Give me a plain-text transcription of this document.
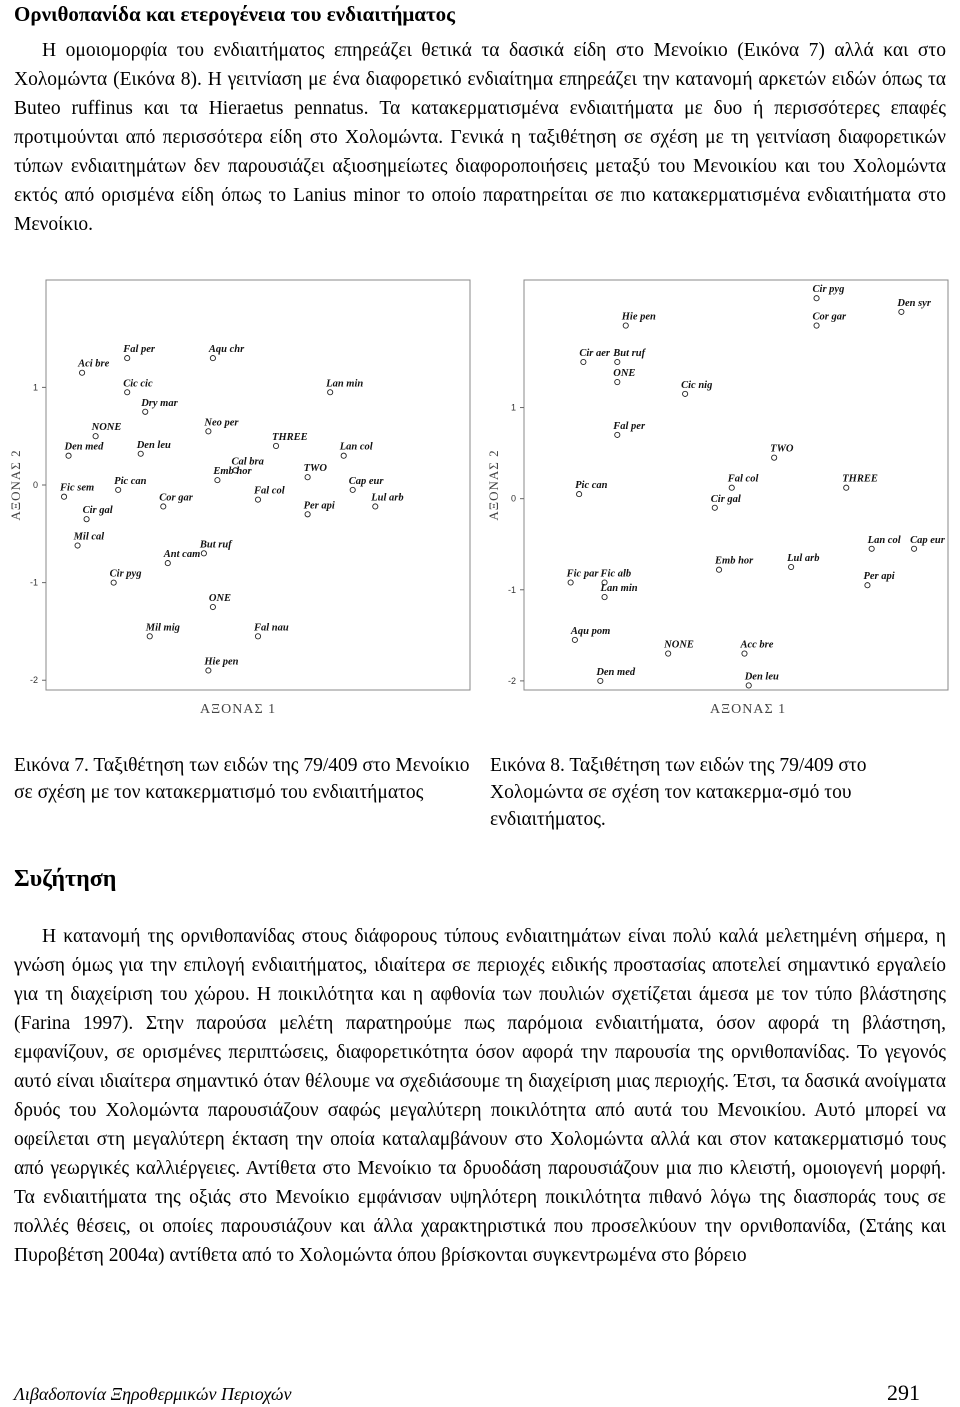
Ορνιθοπανίδα και ετερογένεια του ενδιαιτήματος
Η ομοιομορφία του ενδιαιτήματος επηρεάζει θετικά τα δασικά είδη στο Μενοίκιο (Εικόνα 7) αλλά και στο Χολομώντα (Εικόνα 8). Η γειτνίαση με ένα διαφορετικό ενδιαίτημα επηρεάζει την κατανομή αρκετών ειδών όπως τα Buteo ruffinus και τα Hieraetus pennatus. Τα κατακερματισμένα ενδιαιτήματα με δυο ή περισσότερες επαφές προτιμούνται από περισσότερα είδη στο Χολομώντα. Γενικά η ταξιθέτηση σε σχέση με τη γειτνίαση διαφορετικών τύπων ενδιαιτημάτων δεν παρουσιάζει αξιοσημείωτες διαφοροποιήσεις μεταξύ του Μενοικίου και του Χολομώντα εκτός από ορισμένα είδη όπως το Lanius minor το οποίο παρατηρείται σε πιο κατακερματισμένα ενδιαιτήματα στο Μενοίκιο.
1
0
-1
-2
ΑΞΟΝΑΣ 2
Aci bre
Fal per	Aqu chr
Cic cic
Dry mar
Lan min
NONE	Neo per
Den med	Den leu
THREE
Lan col
Cal bra
Emb hor	TWO
Pic can
Fic sem
Cap eur
Fal col
Cor gar	Lul arb
Per api
Cir gal
Mil cal
But ruf
Ant cam
Cir pyg
ONE
Mil mig	Fal nau
Hie pen
ΑΞΟΝΑΣ 1
1
0
-1
-2
ΑΞΟΝΑΣ 2
Cir pyg
Den syr
Hie pen	Cor gar
Cir aer But ruf
ONE
Cic nig
Fal per
TWO
Fal col	THREE
Pic can
Cir gal
Lan col Cap eur
Lul arb
Emb hor
Per api
Fic par Fic alb
Lan min
Aqu pom
NONE	Acc bre
Den med	Den leu
ΑΞΟΝΑΣ 1
Εικόνα 7. Ταξιθέτηση των ειδών της 79/409 στο Μενοίκιο σε σχέση με τον κατακερματισμό του ενδιαιτήματος
Εικόνα 8. Ταξιθέτηση των ειδών της 79/409 στο Χολομώντα σε σχέση τον κατακερμα-σμό του ενδιαιτήματος.
Συζήτηση
Η κατανομή της ορνιθοπανίδας στους διάφορους τύπους ενδιαιτημάτων είναι πολύ καλά μελετημένη σήμερα, η γνώση όμως για την επιλογή ενδιαιτήματος, ιδιαίτερα σε περιοχές ειδικής προστασίας αποτελεί σημαντικό εργαλείο για τη διαχείριση του χώρου. Η ποικιλότητα και η αφθονία των πουλιών σχετίζεται άμεσα με τον τύπο βλάστησης (Farina 1997). Στην παρούσα μελέτη παρατηρούμε πως παρόμοια ενδιαιτήματα, όσον αφορά τη βλάστηση, εμφανίζουν, σε ορισμένες περιπτώσεις, διαφορετικότητα όσον αφορά την παρουσία της ορνιθοπανίδας. Το γεγονός αυτό είναι ιδιαίτερα σημαντικό όταν θέλουμε να σχεδιάσουμε τη διαχείριση μιας περιοχής. Έτσι, τα δασικά ανοίγματα δρυός του Χολομώντα παρουσιάζουν σαφώς μεγαλύτερη ποικιλότητα από αυτά του Μενοικίου. Αυτό μπορεί να οφείλεται στη μεγαλύτερη έκταση την οποία καταλαμβάνουν στο Χολομώντα αλλά και στον κατακερματισμό τους από γεωργικές καλλιέργειες. Αντίθετα στο Μενοίκιο τα δρυοδάση παρουσιάζουν μια πιο κλειστή, ομοιογενή μορφή. Τα ενδιαιτήματα της οξιάς στο Μενοίκιο εμφάνισαν υψηλότερη ποικιλότητα πιθανό λόγω της διασποράς τους σε πολλές θέσεις, οι οποίες παρουσιάζουν και άλλα χαρακτηριστικά που προσελκύουν την ορνιθοπανίδα, (Στάης και Πυροβέτση 2004α) αντίθετα από το Χολομώντα όπου βρίσκονται συγκεντρωμένα στο βόρειο
Λιβαδοπονία Ξηροθερμικών Περιοχών	291
